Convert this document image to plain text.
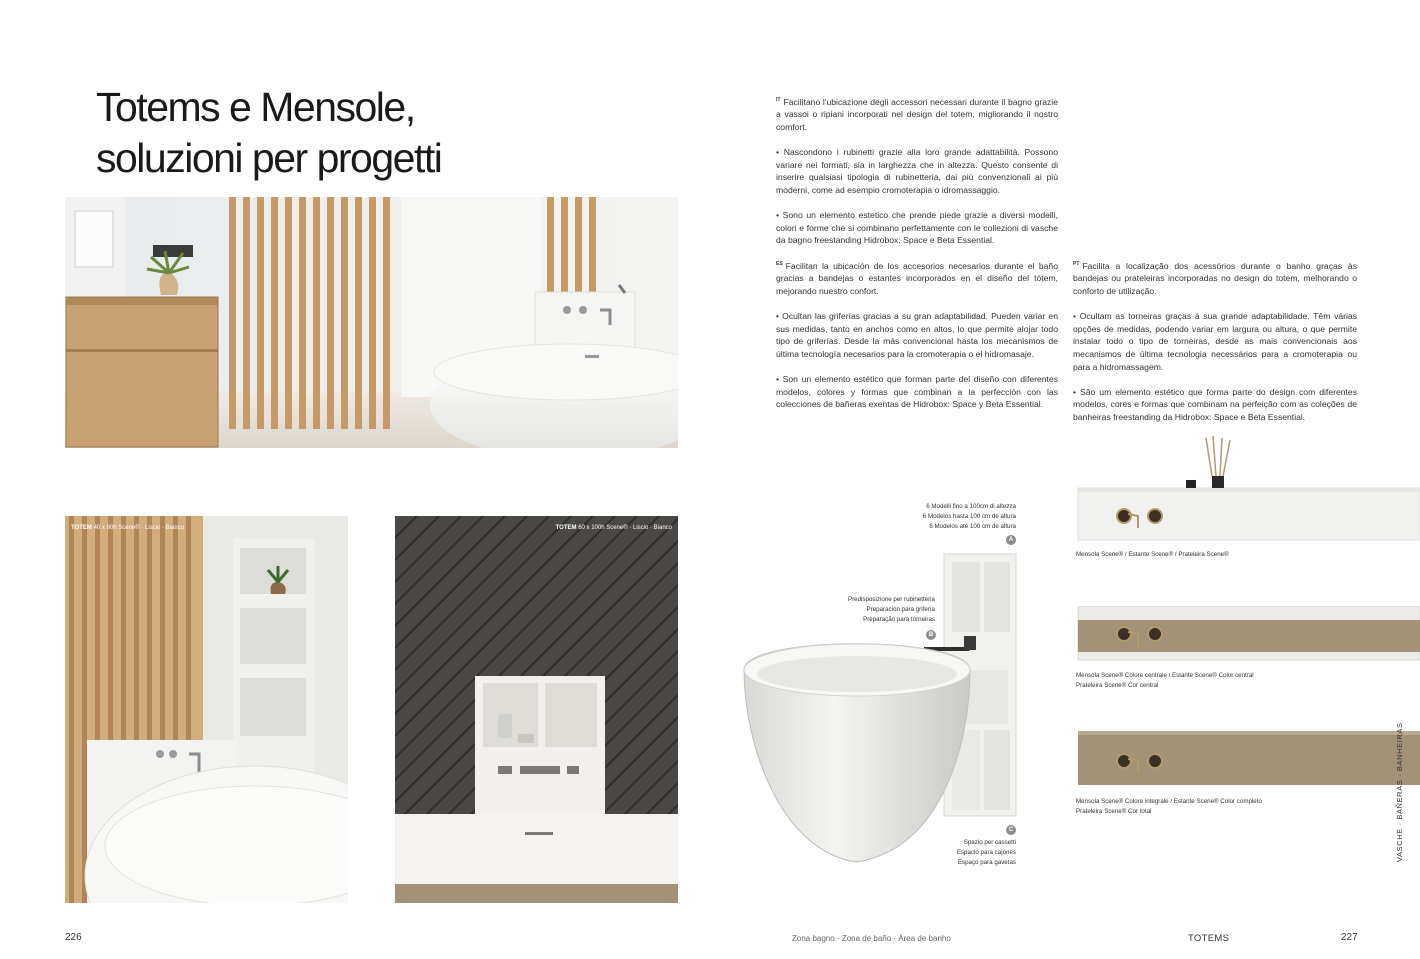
Totems e Mensole,
soluzioni per progetti

$^{IT}$ Facilitano l'ubicazione degli accessori necessari durante il bagno grazie a vassoi o ripiani incorporati nel design del totem, migliorando il nostro comfort.

• Nascondono i rubinetti grazie alla loro grande adattabilità. Possono variare nei formati, sia in larghezza che in altezza. Questo consente di inserire qualsiasi tipologia di rubinetteria, dai più convenzionali ai più moderni, come ad esempio cromoterapia o idromassaggio.

• Sono un elemento estetico che prende piede grazie a diversi modelli, colori e forme che si combinano perfettamente con le collezioni di vasche da bagno freestanding Hidrobox: Space e Beta Essential.

$^{ES}$ Facilitan la ubicación de los accesorios necesarios durante el baño gracias a bandejas o estantes incorporados en el diseño del tótem, mejorando nuestro confort.

• Ocultan las griferías gracias a su gran adaptabilidad. Pueden variar en sus medidas, tanto en anchos como en altos, lo que permite alojar todo tipo de griferías. Desde la más convencional hasta los mecanismos de última tecnología necesarios para la cromoterapia o el hidromasaje.

• Son un elemento estético que forman parte del diseño con diferentes modelos, colores y formas que combinan a la perfección con las colecciones de bañeras exentas de Hidrobox: Space y Beta Essential.

$^{PT}$ Facilita a localização dos acessórios durante o banho graças às bandejas ou prateleiras incorporadas no design do totem, melhorando o conforto de utilização.

• Ocultam as torneiras graças à sua grande adaptabilidade. Têm várias opções de medidas, podendo variar em largura ou altura, o que permite instalar todo o tipo de torneiras, desde as mais convencionais aos mecanismos de última tecnologia necessários para a cromoterapia ou para a hidromassagem.

• São um elemento estético que forma parte do design com diferentes modelos, cores e formas que combinam na perfeição com as coleções de banheiras freestanding da Hidrobox: Space e Beta Essential.

TOTEM 40 x 80h Scene® · Liscio · Bianco	TOTEM 60 x 100h Scene® · Liscio · Bianco
6 Modelli fino a 100cm di altezza
6 Modelos hasta 100 cm de altura
6 Modelos até 100 cm de altura
A
Predisposizione per rubinetteria
Preparación para grifería
Preparação para torneiras
B
C
Spazio per cassetti
Espacio para cajones
Espaço para gavetas
Mensola Scene® / Estante Scene® / Prateleira Scene®
Mensola Scene® Colore centrale / Estante Scene® Color central
Prateleira Scene® Cor central
Mensola Scene® Colore integrale / Estante Scene® Color completo
Prateleira Scene® Cor total	VASCHE · BAÑERAS · BANHEIRAS
226	Zona bagno · Zona de baño · Área de banho	TOTEMS	227
